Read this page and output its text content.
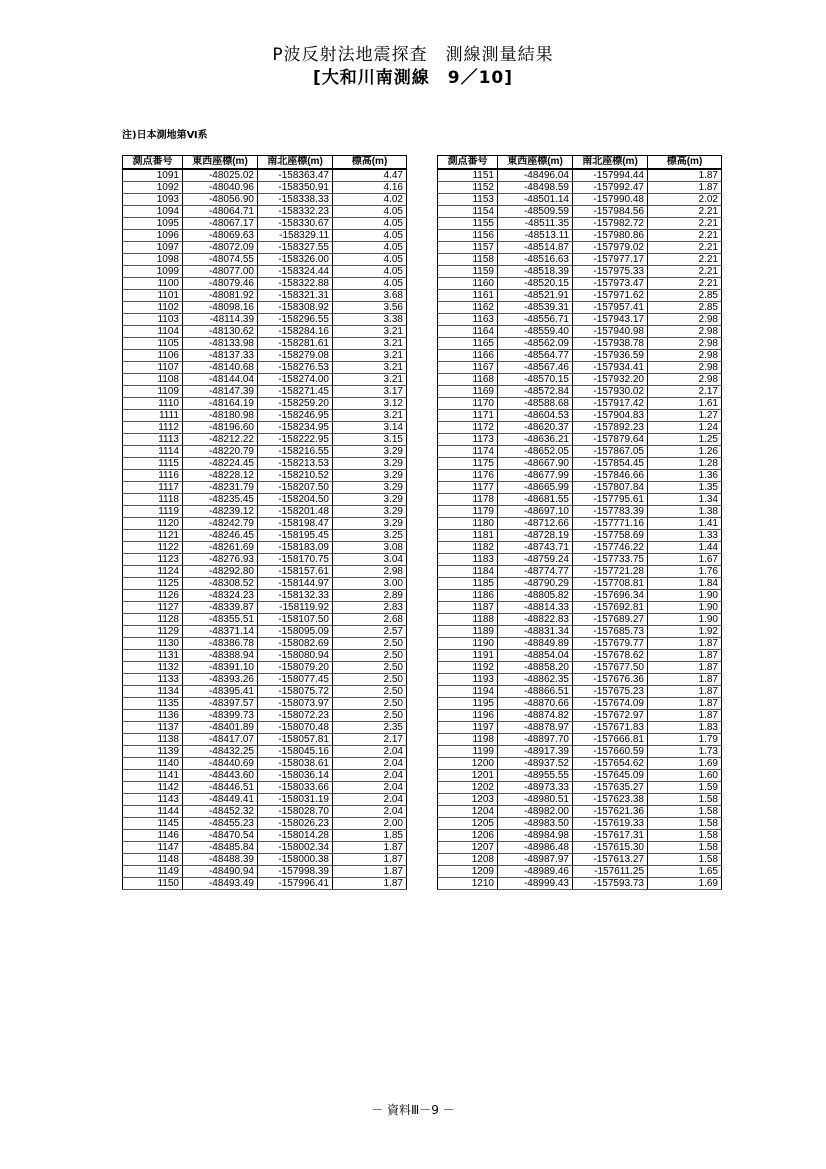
P波反射法地震探査　測線測量結果
[大和川南測線　9／10]
注)日本測地第Ⅵ系
測点番号	東西座標(m)	南北座標(m)	標高(m)
1091	-48025.02	-158363.47	4.47
1092	-48040.96	-158350.91	4.16
1093	-48056.90	-158338.33	4.02
1094	-48064.71	-158332.23	4.05
1095	-48067.17	-158330.67	4.05
1096	-48069.63	-158329.11	4.05
1097	-48072.09	-158327.55	4.05
1098	-48074.55	-158326.00	4.05
1099	-48077.00	-158324.44	4.05
1100	-48079.46	-158322.88	4.05
1101	-48081.92	-158321.31	3.68
1102	-48098.16	-158308.92	3.56
1103	-48114.39	-158296.55	3.38
1104	-48130.62	-158284.16	3.21
1105	-48133.98	-158281.61	3.21
1106	-48137.33	-158279.08	3.21
1107	-48140.68	-158276.53	3.21
1108	-48144.04	-158274.00	3.21
1109	-48147.39	-158271.45	3.17
1110	-48164.19	-158259.20	3.12
1111	-48180.98	-158246.95	3.21
1112	-48196.60	-158234.95	3.14
1113	-48212.22	-158222.95	3.15
1114	-48220.79	-158216.55	3.29
1115	-48224.45	-158213.53	3.29
1116	-48228.12	-158210.52	3.29
1117	-48231.79	-158207.50	3.29
1118	-48235.45	-158204.50	3.29
1119	-48239.12	-158201.48	3.29
1120	-48242.79	-158198.47	3.29
1121	-48246.45	-158195.45	3.25
1122	-48261.69	-158183.09	3.08
1123	-48276.93	-158170.75	3.04
1124	-48292.80	-158157.61	2.98
1125	-48308.52	-158144.97	3.00
1126	-48324.23	-158132.33	2.89
1127	-48339.87	-158119.92	2.83
1128	-48355.51	-158107.50	2.68
1129	-48371.14	-158095.09	2.57
1130	-48386.78	-158082.69	2.50
1131	-48388.94	-158080.94	2.50
1132	-48391.10	-158079.20	2.50
1133	-48393.26	-158077.45	2.50
1134	-48395.41	-158075.72	2.50
1135	-48397.57	-158073.97	2.50
1136	-48399.73	-158072.23	2.50
1137	-48401.89	-158070.48	2.35
1138	-48417.07	-158057.81	2.17
1139	-48432.25	-158045.16	2.04
1140	-48440.69	-158038.61	2.04
1141	-48443.60	-158036.14	2.04
1142	-48446.51	-158033.66	2.04
1143	-48449.41	-158031.19	2.04
1144	-48452.32	-158028.70	2.04
1145	-48455.23	-158026.23	2.00
1146	-48470.54	-158014.28	1.85
1147	-48485.84	-158002.34	1.87
1148	-48488.39	-158000.38	1.87
1149	-48490.94	-157998.39	1.87
1150	-48493.49	-157996.41	1.87
測点番号	東西座標(m)	南北座標(m)	標高(m)
1151	-48496.04	-157994.44	1.87
1152	-48498.59	-157992.47	1.87
1153	-48501.14	-157990.48	2.02
1154	-48509.59	-157984.56	2.21
1155	-48511.35	-157982.72	2.21
1156	-48513.11	-157980.86	2.21
1157	-48514.87	-157979.02	2.21
1158	-48516.63	-157977.17	2.21
1159	-48518.39	-157975.33	2.21
1160	-48520.15	-157973.47	2.21
1161	-48521.91	-157971.62	2.85
1162	-48539.31	-157957.41	2.85
1163	-48556.71	-157943.17	2.98
1164	-48559.40	-157940.98	2.98
1165	-48562.09	-157938.78	2.98
1166	-48564.77	-157936.59	2.98
1167	-48567.46	-157934.41	2.98
1168	-48570.15	-157932.20	2.98
1169	-48572.84	-157930.02	2.17
1170	-48588.68	-157917.42	1.61
1171	-48604.53	-157904.83	1.27
1172	-48620.37	-157892.23	1.24
1173	-48636.21	-157879.64	1.25
1174	-48652.05	-157867.05	1.26
1175	-48667.90	-157854.45	1.28
1176	-48677.99	-157846.66	1.36
1177	-48665.99	-157807.84	1.35
1178	-48681.55	-157795.61	1.34
1179	-48697.10	-157783.39	1.38
1180	-48712.66	-157771.16	1.41
1181	-48728.19	-157758.69	1.33
1182	-48743.71	-157746.22	1.44
1183	-48759.24	-157733.75	1.67
1184	-48774.77	-157721.28	1.76
1185	-48790.29	-157708.81	1.84
1186	-48805.82	-157696.34	1.90
1187	-48814.33	-157692.81	1.90
1188	-48822.83	-157689.27	1.90
1189	-48831.34	-157685.73	1.92
1190	-48849.89	-157679.77	1.87
1191	-48854.04	-157678.62	1.87
1192	-48858.20	-157677.50	1.87
1193	-48862.35	-157676.36	1.87
1194	-48866.51	-157675.23	1.87
1195	-48870.66	-157674.09	1.87
1196	-48874.82	-157672.97	1.87
1197	-48878.97	-157671.83	1.83
1198	-48897.70	-157666.81	1.79
1199	-48917.39	-157660.59	1.73
1200	-48937.52	-157654.62	1.69
1201	-48955.55	-157645.09	1.60
1202	-48973.33	-157635.27	1.59
1203	-48980.51	-157623.38	1.58
1204	-48982.00	-157621.36	1.58
1205	-48983.50	-157619.33	1.58
1206	-48984.98	-157617.31	1.58
1207	-48986.48	-157615.30	1.58
1208	-48987.97	-157613.27	1.58
1209	-48989.46	-157611.25	1.65
1210	-48999.43	-157593.73	1.69
－ 資料Ⅲ－9 －
